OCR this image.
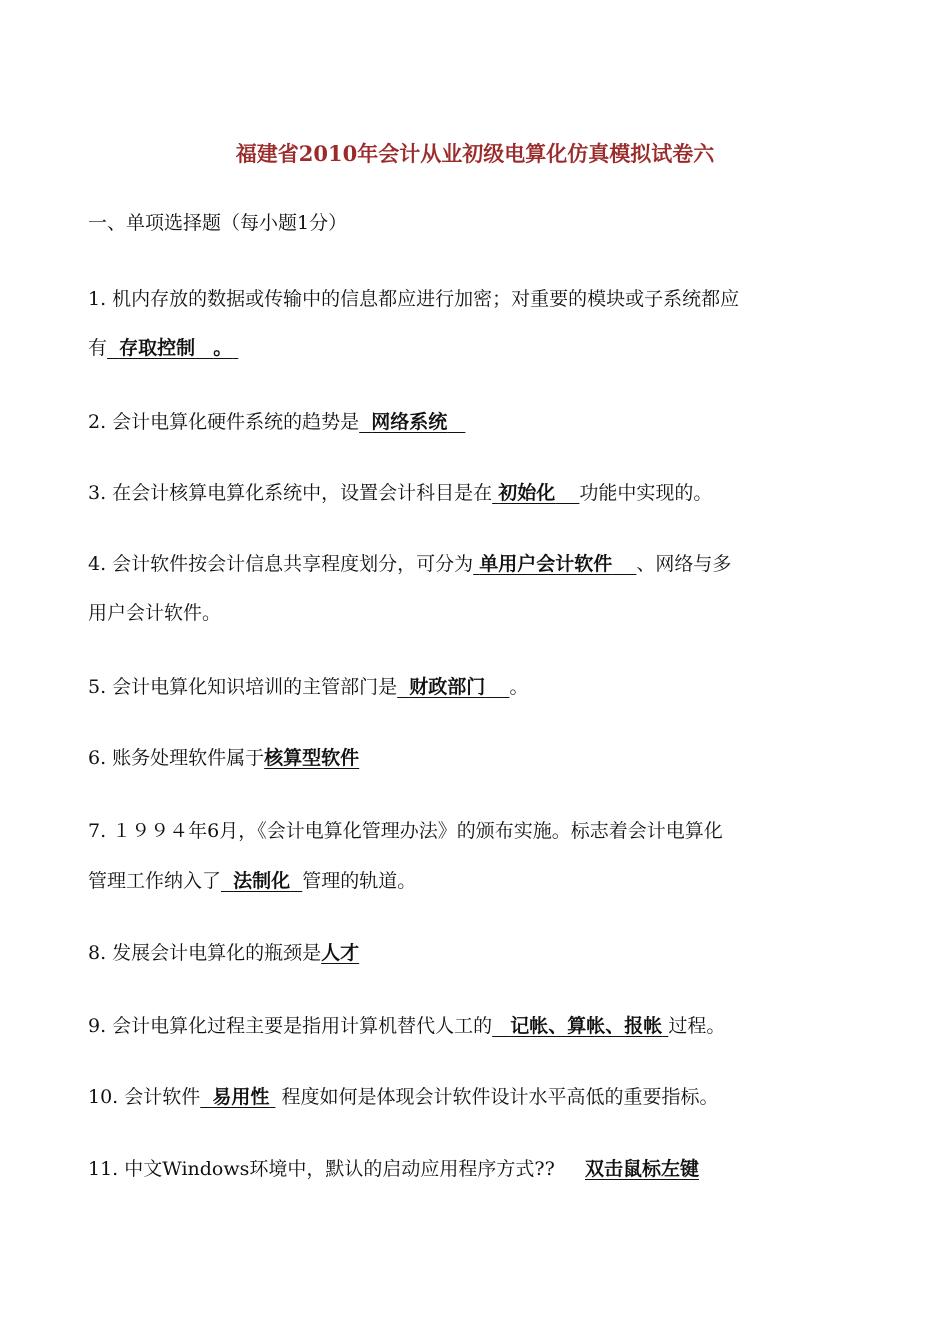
福建省2010年会计从业初级电算化仿真模拟试卷六
一、单项选择题（每小题1分）
1. 机内存放的数据或传输中的信息都应进行加密；对重要的模块或子系统都应
有 存取控制 。
2. 会计电算化硬件系统的趋势是 网络系统
3. 在会计核算电算化系统中，设置会计科目是在 初始化 功能中实现的。
4. 会计软件按会计信息共享程度划分，可分为 单用户会计软件 、网络与多
用户会计软件。
5. 会计电算化知识培训的主管部门是 财政部门 。
6. 账务处理软件属于核算型软件
7. １９９４年6月，《会计电算化管理办法》的颁布实施。标志着会计电算化
管理工作纳入了 法制化 管理的轨道。
8. 发展会计电算化的瓶颈是人才
9. 会计电算化过程主要是指用计算机替代人工的 记帐、算帐、报帐 过程。
10. 会计软件 易用性  程度如何是体现会计软件设计水平高低的重要指标。
11. 中文Windows环境中，默认的启动应用程序方式?? 双击鼠标左键
